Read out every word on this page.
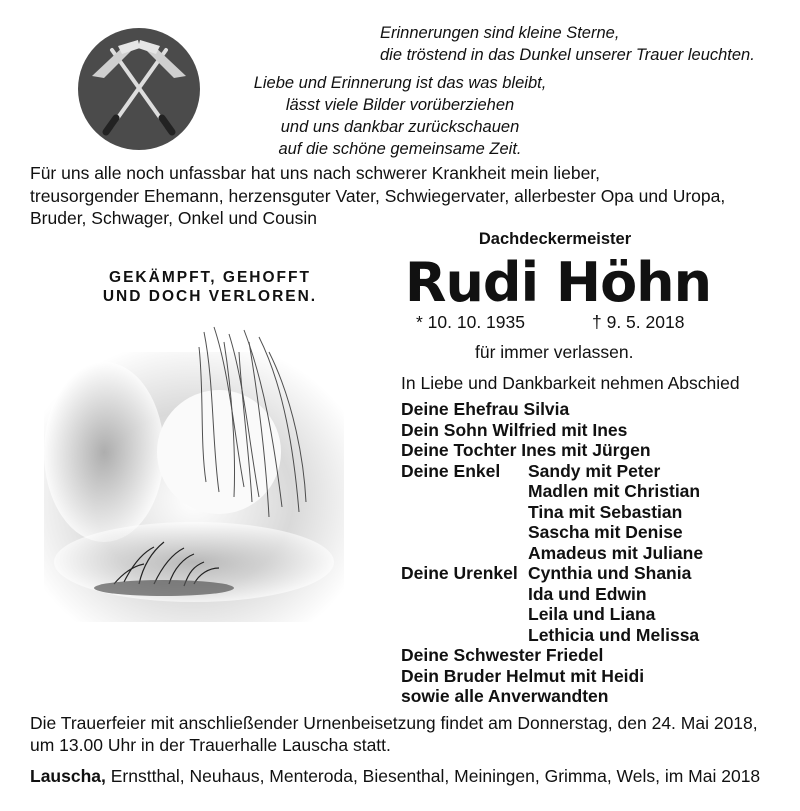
Erinnerungen sind kleine Sterne,
die tröstend in das Dunkel unserer Trauer leuchten.
Liebe und Erinnerung ist das was bleibt,
lässt viele Bilder vorüberziehen
und uns dankbar zurückschauen
auf die schöne gemeinsame Zeit.
Für uns alle noch unfassbar hat uns nach schwerer Krankheit mein lieber,
treusorgender Ehemann, herzensguter Vater, Schwiegervater, allerbester Opa und Uropa,
Bruder, Schwager, Onkel und Cousin
Dachdeckermeister
Rudi Höhn
GEKÄMPFT, GEHOFFT
UND DOCH VERLOREN.
* 10. 10. 1935	† 9. 5. 2018
für immer verlassen.
In Liebe und Dankbarkeit nehmen Abschied
Deine Ehefrau Silvia
Dein Sohn Wilfried mit Ines
Deine Tochter Ines mit Jürgen
Deine Enkel	Sandy mit Peter
Madlen mit Christian
Tina mit Sebastian
Sascha mit Denise
Amadeus mit Juliane
Deine Urenkel Cynthia und Shania
Ida und Edwin
Leila und Liana
Lethicia und Melissa
Deine Schwester Friedel
Dein Bruder Helmut mit Heidi
sowie alle Anverwandten
Die Trauerfeier mit anschließender Urnenbeisetzung findet am Donnerstag, den 24. Mai 2018,
um 13.00 Uhr in der Trauerhalle Lauscha statt.
Lauscha, Ernstthal, Neuhaus, Menteroda, Biesenthal, Meiningen, Grimma, Wels, im Mai 2018
